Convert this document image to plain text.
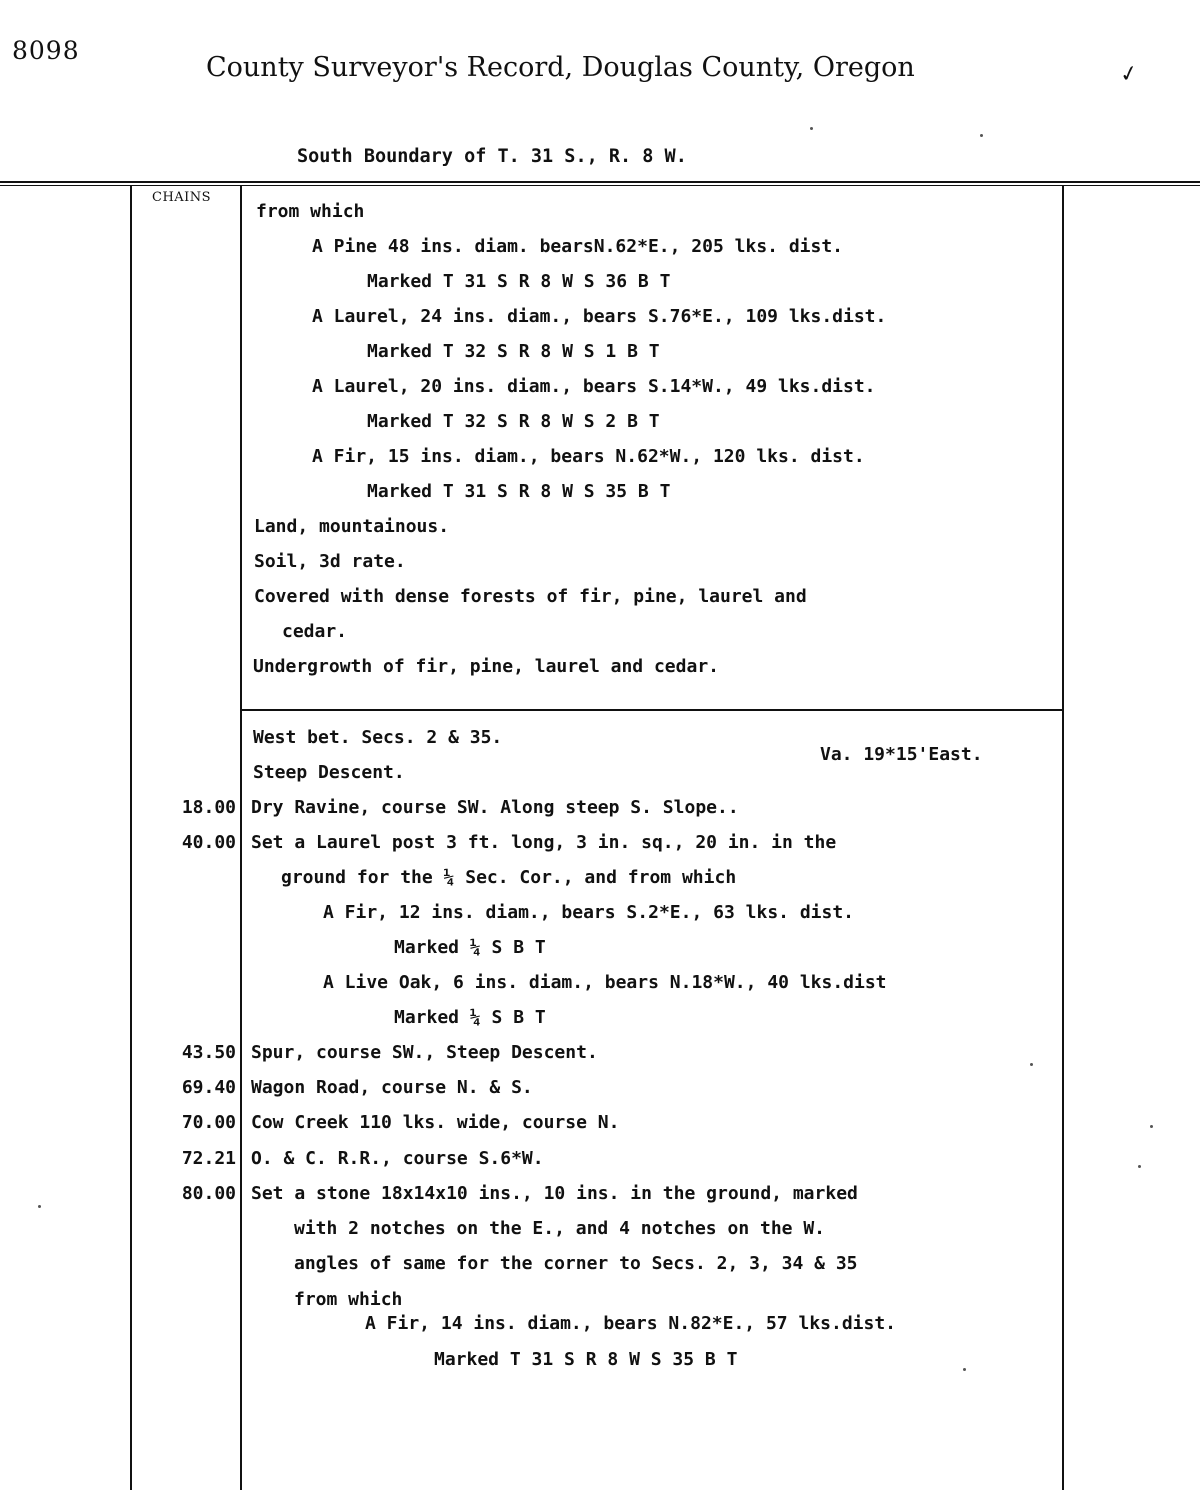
8098
County Surveyor's Record, Douglas County, Oregon	✓
South Boundary of T. 31 S., R. 8 W.
CHAINS
from which
A Pine 48 ins. diam. bearsN.62*E., 205 lks. dist.
Marked T 31 S R 8 W S 36 B T
A Laurel, 24 ins. diam., bears S.76*E., 109 lks.dist.
Marked T 32 S R 8 W S 1 B T
A Laurel, 20 ins. diam., bears S.14*W., 49 lks.dist.
Marked T 32 S R 8 W S 2 B T
A Fir, 15 ins. diam., bears N.62*W., 120 lks. dist.
Marked T 31 S R 8 W S 35 B T
Land, mountainous.
Soil, 3d rate.
Covered with dense forests of fir, pine, laurel and
cedar.
Undergrowth of fir, pine, laurel and cedar.
West bet. Secs. 2 & 35.
Va. 19*15'East.
Steep Descent.
18.00 Dry Ravine, course SW. Along steep S. Slope..
40.00 Set a Laurel post 3 ft. long, 3 in. sq., 20 in. in the
ground for the ¼ Sec. Cor., and from which
A Fir, 12 ins. diam., bears S.2*E., 63 lks. dist.
Marked ¼ S B T
A Live Oak, 6 ins. diam., bears N.18*W., 40 lks.dist
Marked ¼ S B T
43.50 Spur, course SW., Steep Descent.
69.40 Wagon Road, course N. & S.
70.00 Cow Creek 110 lks. wide, course N.
72.21 O. & C. R.R., course S.6*W.
80.00 Set a stone 18x14x10 ins., 10 ins. in the ground, marked
with 2 notches on the E., and 4 notches on the W.
angles of same for the corner to Secs. 2, 3, 34 & 35
from which
A Fir, 14 ins. diam., bears N.82*E., 57 lks.dist.
Marked T 31 S R 8 W S 35 B T
